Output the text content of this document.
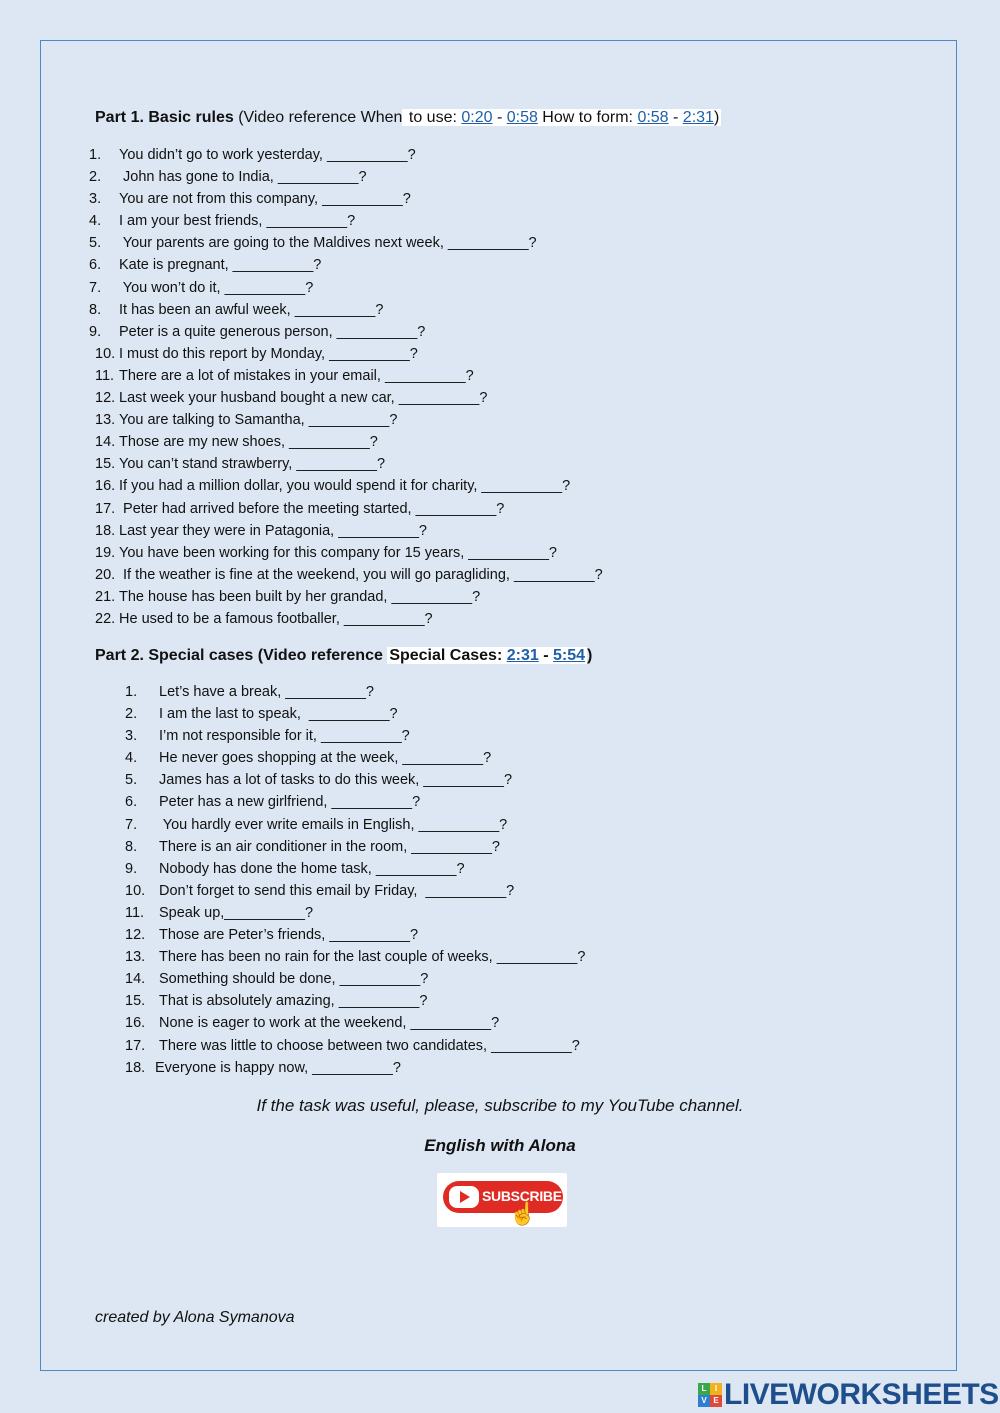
Part 1. Basic rules (Video reference When to use: 0:20 - 0:58 How to form: 0:58 - 2:31)
1.	You didn’t go to work yesterday, __________?
2.	John has gone to India, __________?
3.	You are not from this company, __________?
4.	I am your best friends, __________?
5.	Your parents are going to the Maldives next week, __________?
6.	Kate is pregnant, __________?
7.	You won’t do it, __________?
8.	It has been an awful week, __________?
9.	Peter is a quite generous person, __________?
10. I must do this report by Monday, __________?
11. There are a lot of mistakes in your email, __________?
12. Last week your husband bought a new car, __________?
13. You are talking to Samantha, __________?
14. Those are my new shoes, __________?
15. You can’t stand strawberry, __________?
16. If you had a million dollar, you would spend it for charity, __________?
17. Peter had arrived before the meeting started, __________?
18. Last year they were in Patagonia, __________?
19. You have been working for this company for 15 years, __________?
20. If the weather is fine at the weekend, you will go paragliding, __________?
21. The house has been built by her grandad, __________?
22. He used to be a famous footballer, __________?
Part 2. Special cases (Video reference Special Cases: 2:31 - 5:54 )
1.	Let’s have a break, __________?
2.	I am the last to speak,  __________?
3.	I’m not responsible for it, __________?
4.	He never goes shopping at the week, __________?
5.	James has a lot of tasks to do this week, __________?
6.	Peter has a new girlfriend, __________?
7.	You hardly ever write emails in English, __________?
8.	There is an air conditioner in the room, __________?
9.	Nobody has done the home task, __________?
10. Don’t forget to send this email by Friday,  __________?
11.	Speak up,__________?
12. Those are Peter’s friends, __________?
13. There has been no rain for the last couple of weeks, __________?
14. Something should be done, __________?
15. That is absolutely amazing, __________?
16. None is eager to work at the weekend, __________?
17. There was little to choose between two candidates, __________?
18. Everyone is happy now, __________?
If the task was useful, please, subscribe to my YouTube channel.
English with Alona
SUBSCRIBE
☝
created by Alona Symanova
L	I
V E LIVEWORKSHEETS
